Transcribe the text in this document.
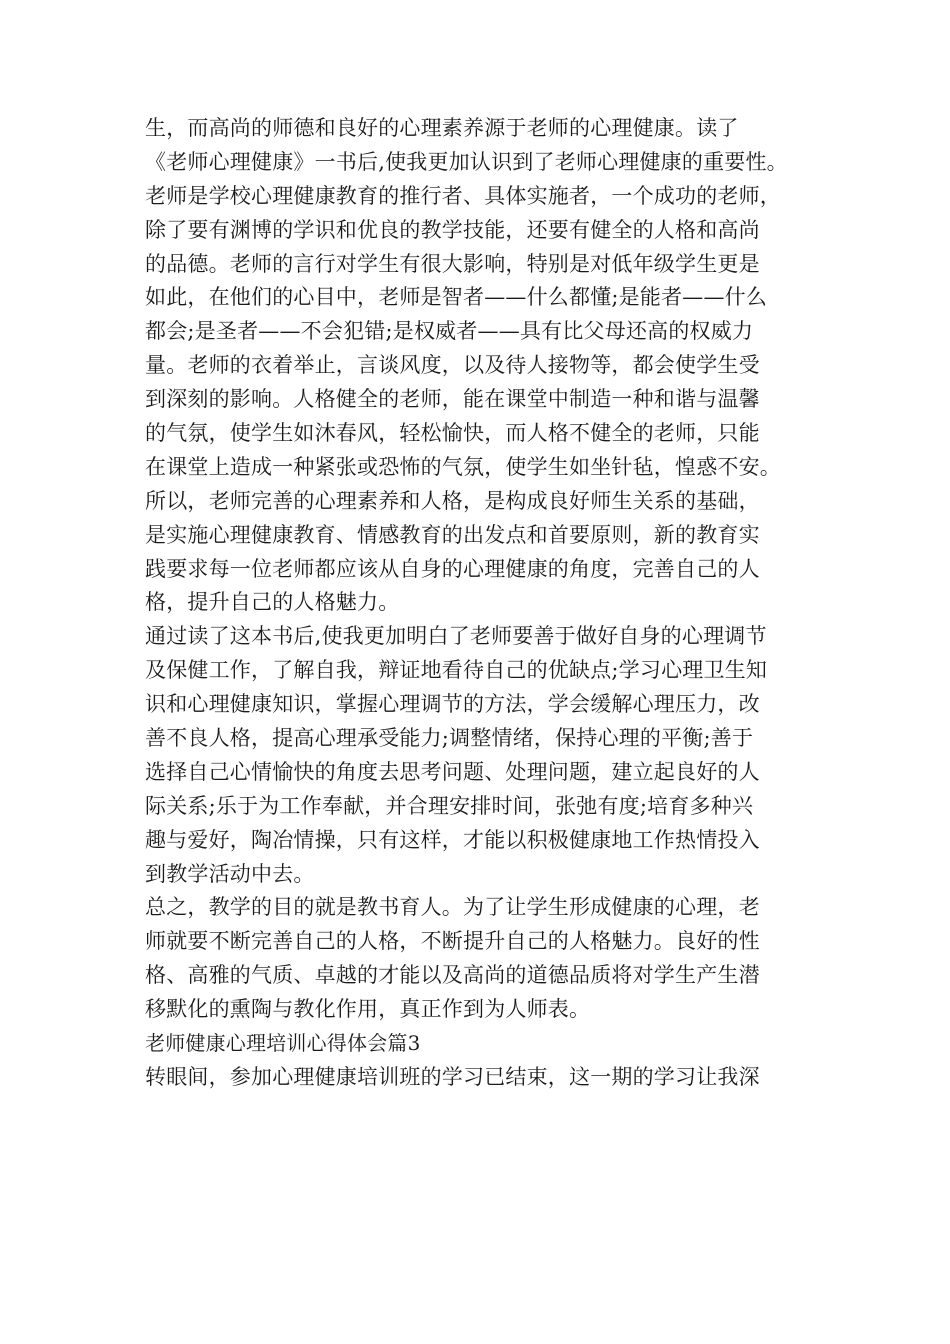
生，而高尚的师德和良好的心理素养源于老师的心理健康。读了
《老师心理健康》一书后,使我更加认识到了老师心理健康的重要性。
老师是学校心理健康教育的推行者、具体实施者，一个成功的老师，
除了要有渊博的学识和优良的教学技能，还要有健全的人格和高尚
的品德。老师的言行对学生有很大影响，特别是对低年级学生更是
如此，在他们的心目中，老师是智者——什么都懂;是能者——什么
都会;是圣者——不会犯错;是权威者——具有比父母还高的权威力
量。老师的衣着举止，言谈风度，以及待人接物等，都会使学生受
到深刻的影响。人格健全的老师，能在课堂中制造一种和谐与温馨
的气氛，使学生如沐春风，轻松愉快，而人格不健全的老师，只能
在课堂上造成一种紧张或恐怖的气氛，使学生如坐针毡，惶惑不安。
所以，老师完善的心理素养和人格，是构成良好师生关系的基础，
是实施心理健康教育、情感教育的出发点和首要原则，新的教育实
践要求每一位老师都应该从自身的心理健康的角度，完善自己的人
格，提升自己的人格魅力。
通过读了这本书后,使我更加明白了老师要善于做好自身的心理调节
及保健工作，了解自我，辩证地看待自己的优缺点;学习心理卫生知
识和心理健康知识，掌握心理调节的方法，学会缓解心理压力，改
善不良人格，提高心理承受能力;调整情绪，保持心理的平衡;善于
选择自己心情愉快的角度去思考问题、处理问题，建立起良好的人
际关系;乐于为工作奉献，并合理安排时间，张弛有度;培育多种兴
趣与爱好，陶冶情操，只有这样，才能以积极健康地工作热情投入
到教学活动中去。
总之，教学的目的就是教书育人。为了让学生形成健康的心理，老
师就要不断完善自己的人格，不断提升自己的人格魅力。良好的性
格、高雅的气质、卓越的才能以及高尚的道德品质将对学生产生潜
移默化的熏陶与教化作用，真正作到为人师表。
老师健康心理培训心得体会篇3
转眼间，参加心理健康培训班的学习已结束，这一期的学习让我深
